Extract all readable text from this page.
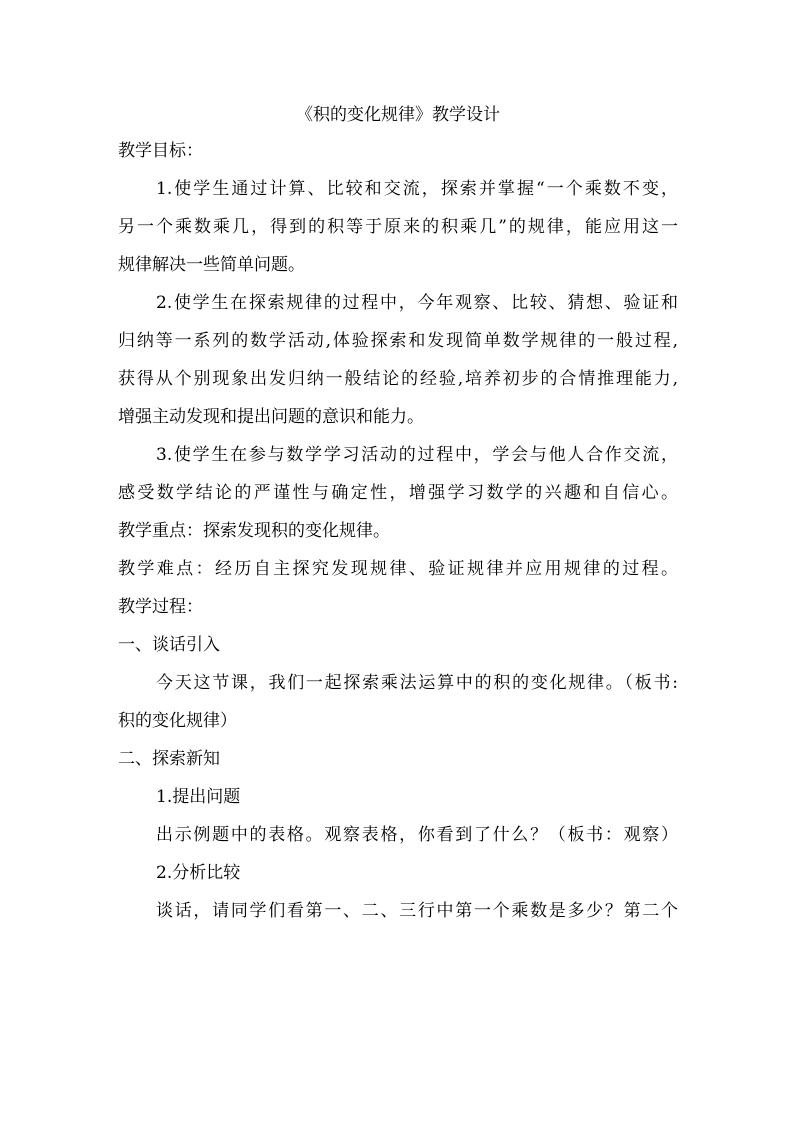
《积的变化规律》教学设计
教学目标：
1.使学生通过计算、比较和交流，探索并掌握“一个乘数不变，
另一个乘数乘几，得到的积等于原来的积乘几”的规律，能应用这一
规律解决一些简单问题。
2.使学生在探索规律的过程中，今年观察、比较、猜想、验证和
归纳等一系列的数学活动,体验探索和发现简单数学规律的一般过程,
获得从个别现象出发归纳一般结论的经验,培养初步的合情推理能力,
增强主动发现和提出问题的意识和能力。
3.使学生在参与数学学习活动的过程中，学会与他人合作交流，
感受数学结论的严谨性与确定性，增强学习数学的兴趣和自信心。
教学重点：探索发现积的变化规律。
教学难点：经历自主探究发现规律、验证规律并应用规律的过程。
教学过程：
一、谈话引入
今天这节课，我们一起探索乘法运算中的积的变化规律。（板书:
积的变化规律）
二、探索新知
1.提出问题
出示例题中的表格。观察表格，你看到了什么？（板书：观察）
2.分析比较
谈话，请同学们看第一、二、三行中第一个乘数是多少？第二个
